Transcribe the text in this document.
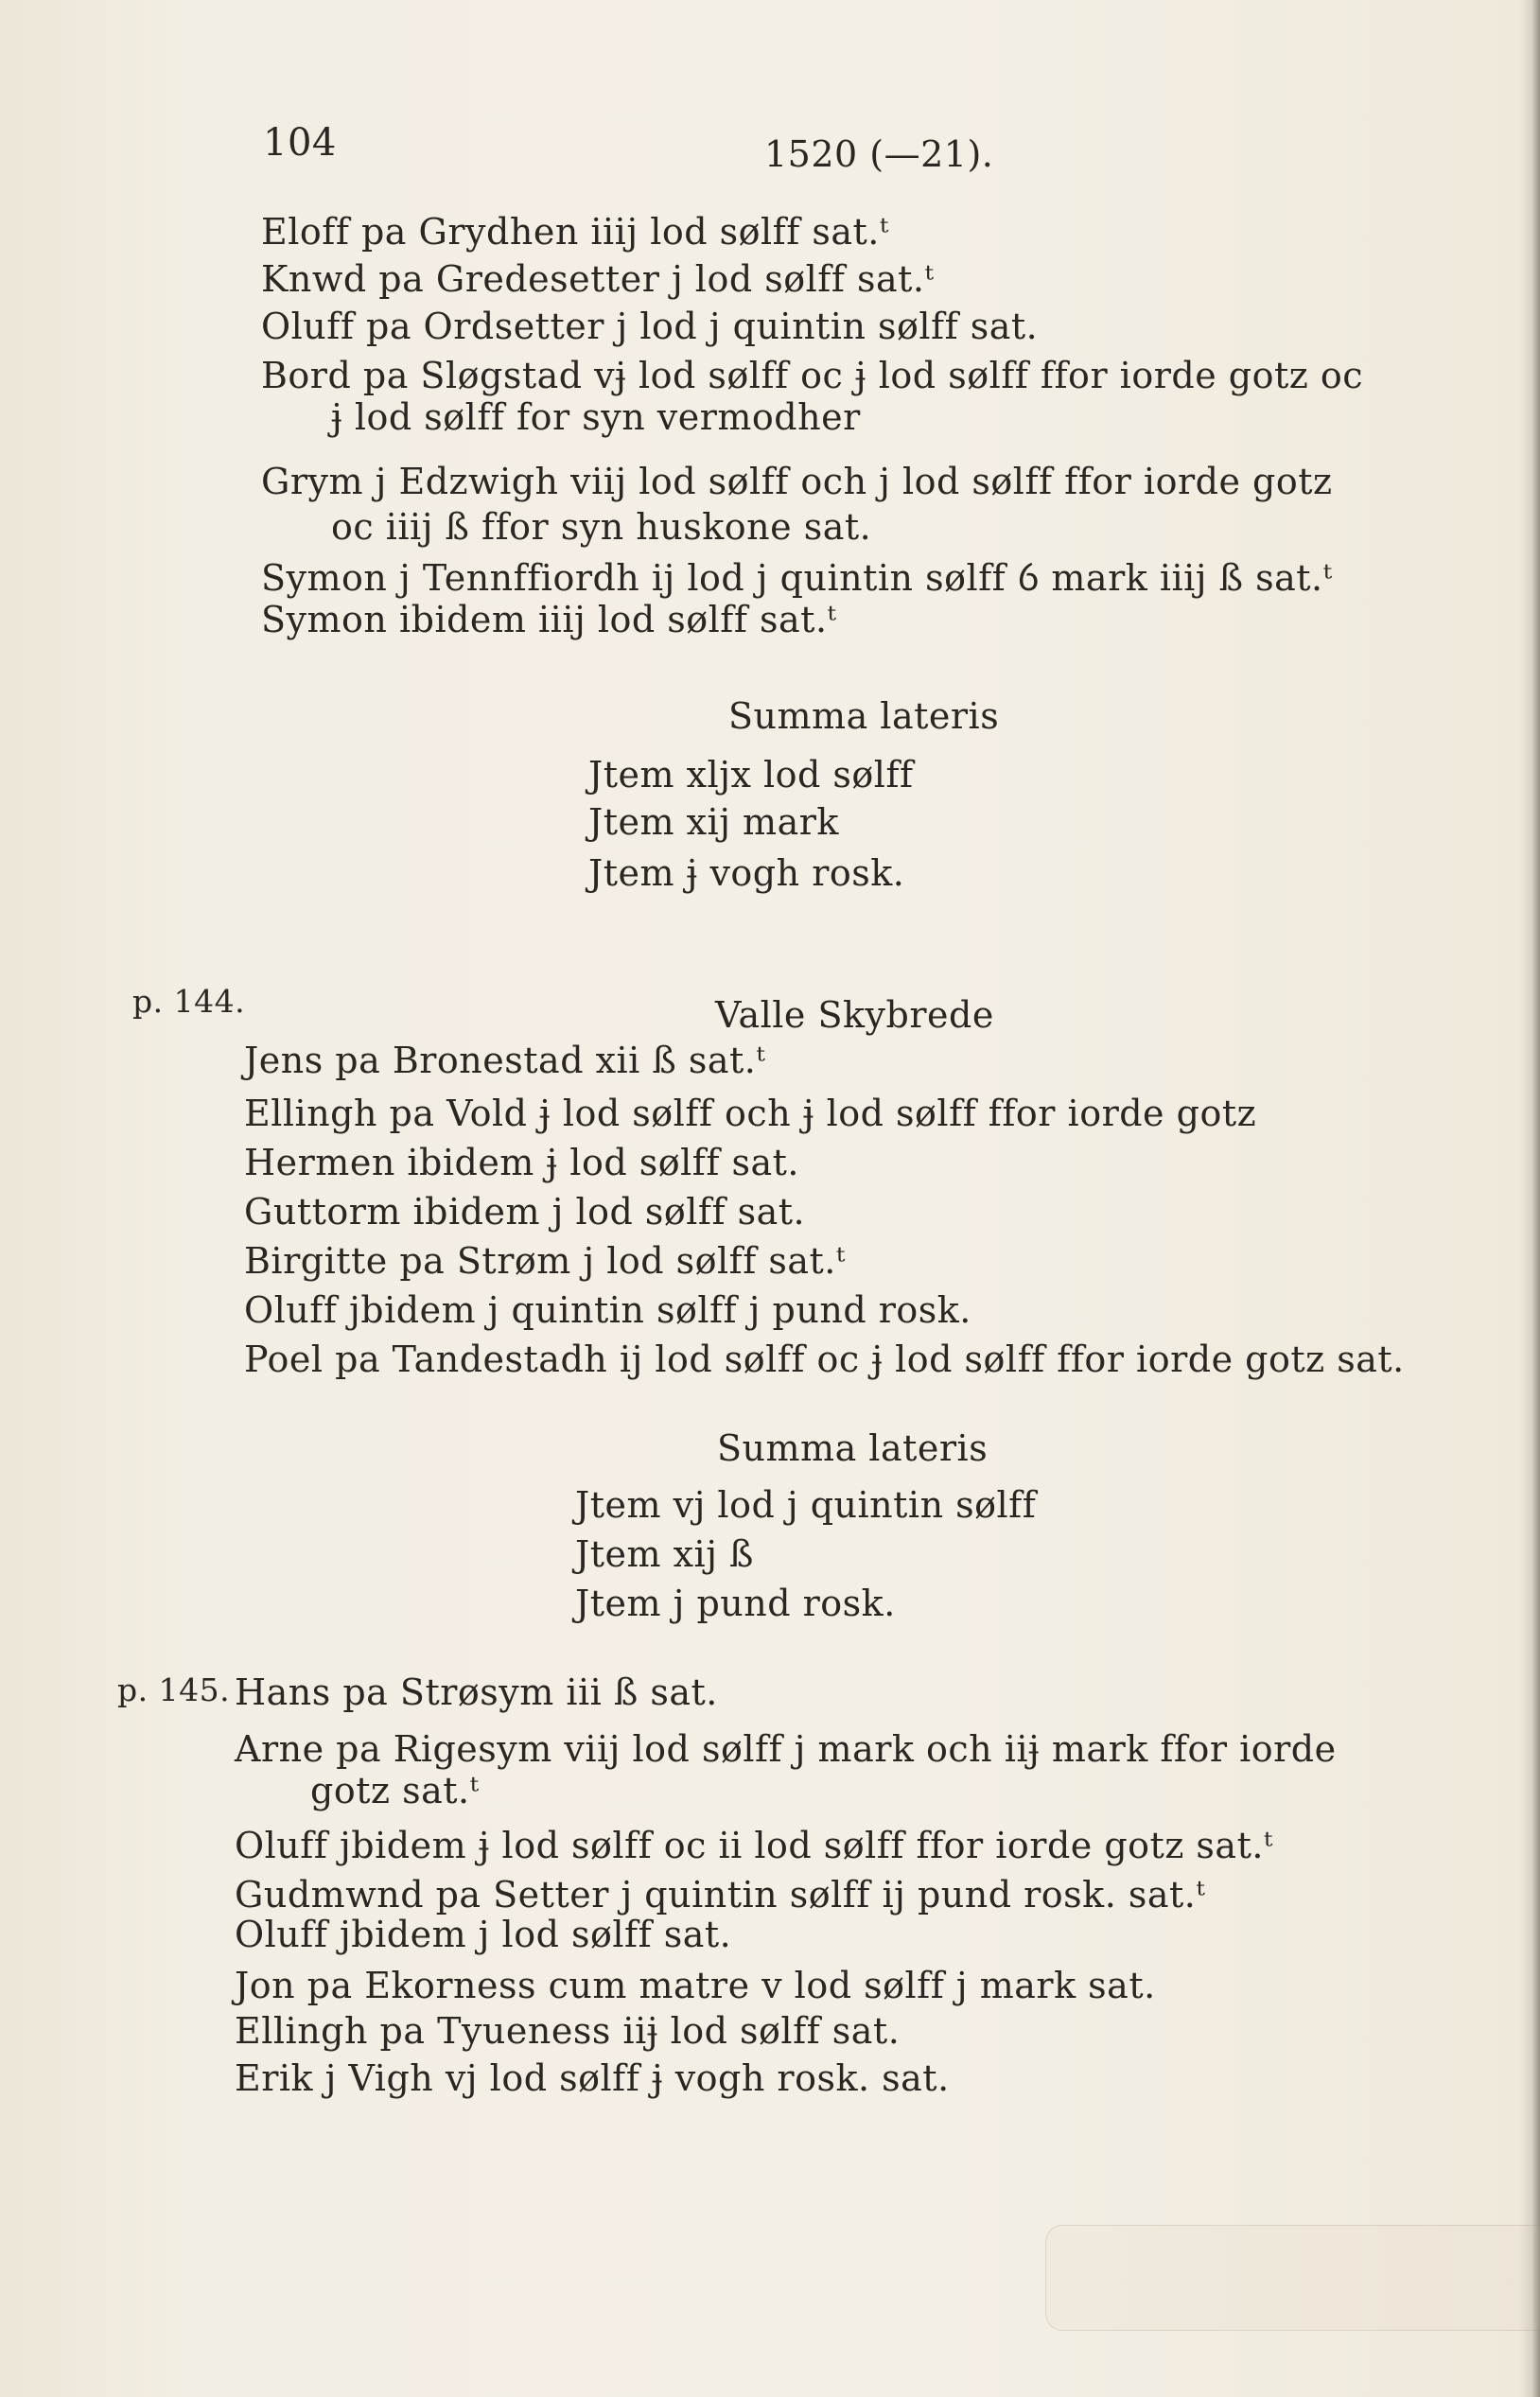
104	1520 (—21).
Eloff pa Grydhen iiij lod sølff sat.ᵗ
Knwd pa Gredesetter j lod sølff sat.ᵗ
Oluff pa Ordsetter j lod j quintin sølff sat.
Bord pa Sløgstad vj̵ lod sølff oc j̵ lod sølff ffor iorde gotz oc
j̵ lod sølff for syn vermodher
Grym j Edzwigh viij lod sølff och j lod sølff ffor iorde gotz
oc iiij ß ffor syn huskone sat.
Symon j Tennffiordh ij lod j quintin sølff ỽ mark iiij ß sat.ᵗ
Symon ibidem iiij lod sølff sat.ᵗ
Summa lateris
Jtem xljx lod sølff
Jtem xij mark
Jtem j̵ vogh rosk.
p. 144.	Valle Skybrede
Jens pa Bronestad xii ß sat.ᵗ
Ellingh pa Vold j̵ lod sølff och j̵ lod sølff ffor iorde gotz
Hermen ibidem j̵ lod sølff sat.
Guttorm ibidem j lod sølff sat.
Birgitte pa Strøm j lod sølff sat.ᵗ
Oluff jbidem j quintin sølff j pund rosk.
Poel pa Tandestadh ij lod sølff oc j̵ lod sølff ffor iorde gotz sat.
Summa lateris
Jtem vj lod j quintin sølff
Jtem xij ß
Jtem j pund rosk.
p. 145. Hans pa Strøsym iii ß sat.
Arne pa Rigesym viij lod sølff j mark och iij̵ mark ffor iorde
gotz sat.ᵗ
Oluff jbidem j̵ lod sølff oc ii lod sølff ffor iorde gotz sat.ᵗ
Gudmwnd pa Setter j quintin sølff ij pund rosk. sat.ᵗ
Oluff jbidem j lod sølff sat.
Jon pa Ekorness cum matre v lod sølff j mark sat.
Ellingh pa Tyueness iij̵ lod sølff sat.
Erik j Vigh vj lod sølff j̵ vogh rosk. sat.
